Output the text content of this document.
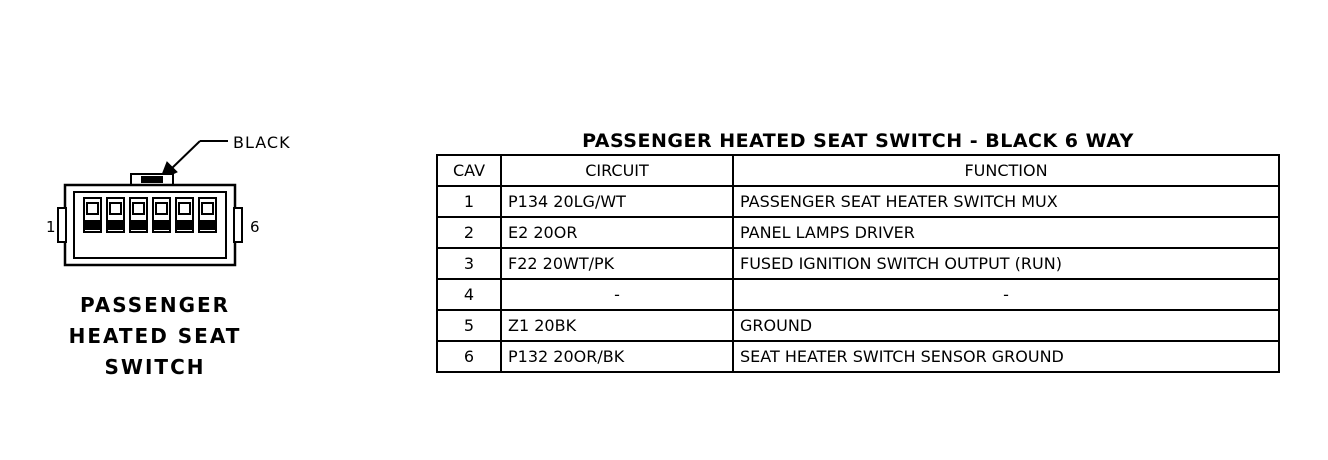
BLACK
1	6
PASSENGER
HEATED SEAT
SWITCH
PASSENGER HEATED SEAT SWITCH - BLACK 6 WAY
CAV	CIRCUIT	FUNCTION
1	P134 20LG/WT	PASSENGER SEAT HEATER SWITCH MUX
2	E2 20OR	PANEL LAMPS DRIVER
3	F22 20WT/PK	FUSED IGNITION SWITCH OUTPUT (RUN)
4	-	-
5	Z1 20BK	GROUND
6	P132 20OR/BK	SEAT HEATER SWITCH SENSOR GROUND
